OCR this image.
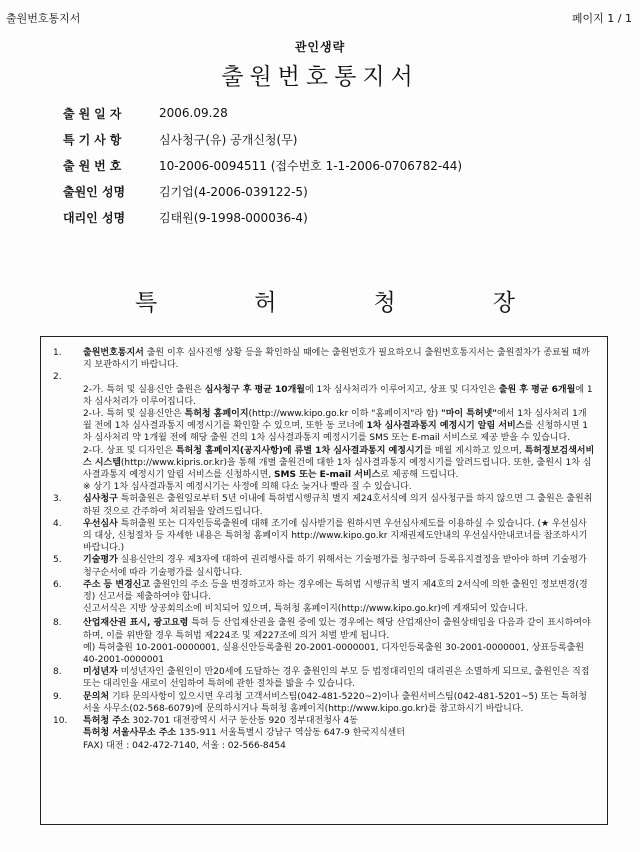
출원번호통지서	페이지 1 / 1
관인생략
출원번호통지서
출원일자	2006.09.28
특기사항	심사청구(유) 공개신청(무)
출원번호	10-2006-0094511 (접수번호 1-1-2006-0706782-44)
출원인 성명	김기업(4-2006-039122-5)
대리인 성명	김태원(9-1998-000036-4)
특	허	청	장
1.	출원번호통지서 출원 이후 심사진행 상황 등을 확인하실 때에는 출원번호가 필요하오니 출원번호통지서는 출원절차가 종료될 때까지 보관하시기 바랍니다.

2.

2-가. 특허 및 실용신안 출원은 심사청구 후 평균 10개월에 1차 심사처리가 이루어지고, 상표 및 디자인은 출원 후 평균 6개월에 1차 심사처리가 이루어집니다.

2-나. 특허 및 실용신안은 특허청 홈페이지(http://www.kipo.go.kr 이하 "홈페이지"라 함) "마이 특허넷"에서 1차 심사처리 1개월 전에 1차 심사결과통지 예정시기를 확인할 수 있으며, 또한 동 코너에 1차 심사결과통지 예정시기 알림 서비스를 신청하시면 1차 심사처리 약 1개월 전에 해당 출원 건의 1차 심사결과통지 예정시기를 SMS 또는 E-mail 서비스로 제공 받을 수 있습니다.

2-다. 상표 및 디자인은 특허청 홈페이지(공지사항)에 류별 1차 심사결과통지 예정시기를 매월 게시하고 있으며, 특허정보검색서비스 시스템(http://www.kipris.or.kr)을 통해 개별 출원건에 대한 1차 심사결과통지 예정시기를 알려드립니다. 또한, 출원시 1차 심사결과통지 예정시기 알림 서비스를 신청하시면, SMS 또는 E-mail 서비스로 제공해 드립니다.

※ 상기 1차 심사결과통지 예정시기는 사정에 의해 다소 늦거나 빨라 질 수 있습니다.

3.	심사청구 특허출원은 출원일로부터 5년 이내에 특허법시행규칙 별지 제24호서식에 의거 심사청구를 하지 않으면 그 출원은 출원취하된 것으로 간주하여 처리됨을 알려드립니다.

4.	우선심사 특허출원 또는 디자인등록출원에 대해 조기에 심사받기를 원하시면 우선심사제도를 이용하실 수 있습니다. (★ 우선심사의 대상, 신청절차 등 자세한 내용은 특허청 홈페이지 http://www.kipo.go.kr 지재권제도안내의 우선심사안내코너를 참조하시기 바랍니다.)

5.	기술평가 실용신안의 경우 제3자에 대하여 권리행사를 하기 위해서는 기술평가를 청구하여 등록유지결정을 받아야 하며 기술평가청구순서에 따라 기술평가를 실시합니다.

6.	주소 등 변경신고 출원인의 주소 등을 변경하고자 하는 경우에는 특허법 시행규칙 별지 제4호의 2서식에 의한 출원인 정보변경(경정) 신고서를 제출하여야 합니다.

신고서식은 지방 상공회의소에 비치되어 있으며, 특허청 홈페이지(http://www.kipo.go.kr)에 게재되어 있습니다.

8.	산업재산권 표시, 광고요령 특허 등 산업재산권을 출원 중에 있는 경우에는 해당 산업재산이 출원상태임을 다음과 같이 표시하여야 하며, 이를 위반할 경우 특허법 제224조 및 제227조에 의거 처벌 받게 됩니다.

예) 특허출원 10-2001-0000001, 실용신안등록출원 20-2001-0000001, 디자인등록출원 30-2001-0000001, 상표등록출원 40-2001-0000001

8.	미성년자 미성년자인 출원인이 만20세에 도달하는 경우 출원인의 부모 등 법정대리인의 대리권은 소멸하게 되므로, 출원인은 직접 또는 대리인을 새로이 선임하여 특허에 관한 절차를 밟을 수 있습니다.

9.	문의처 기타 문의사항이 있으시면 우리청 고객서비스팀(042-481-5220~2)이나 출원서비스팀(042-481-5201~5) 또는 특허청 서울 사무소(02-568-6079)에 문의하시거나 특허청 홈페이지(http://www.kipo.go.kr)를 참고하시기 바랍니다.

10.	특허청 주소 302-701 대전광역시 서구 둔산동 920 정부대전청사 4동

특허청 서울사무소 주소 135-911 서울특별시 강남구 역삼동 647-9 한국지식센터

FAX) 대전 : 042-472-7140, 서울 : 02-566-8454
